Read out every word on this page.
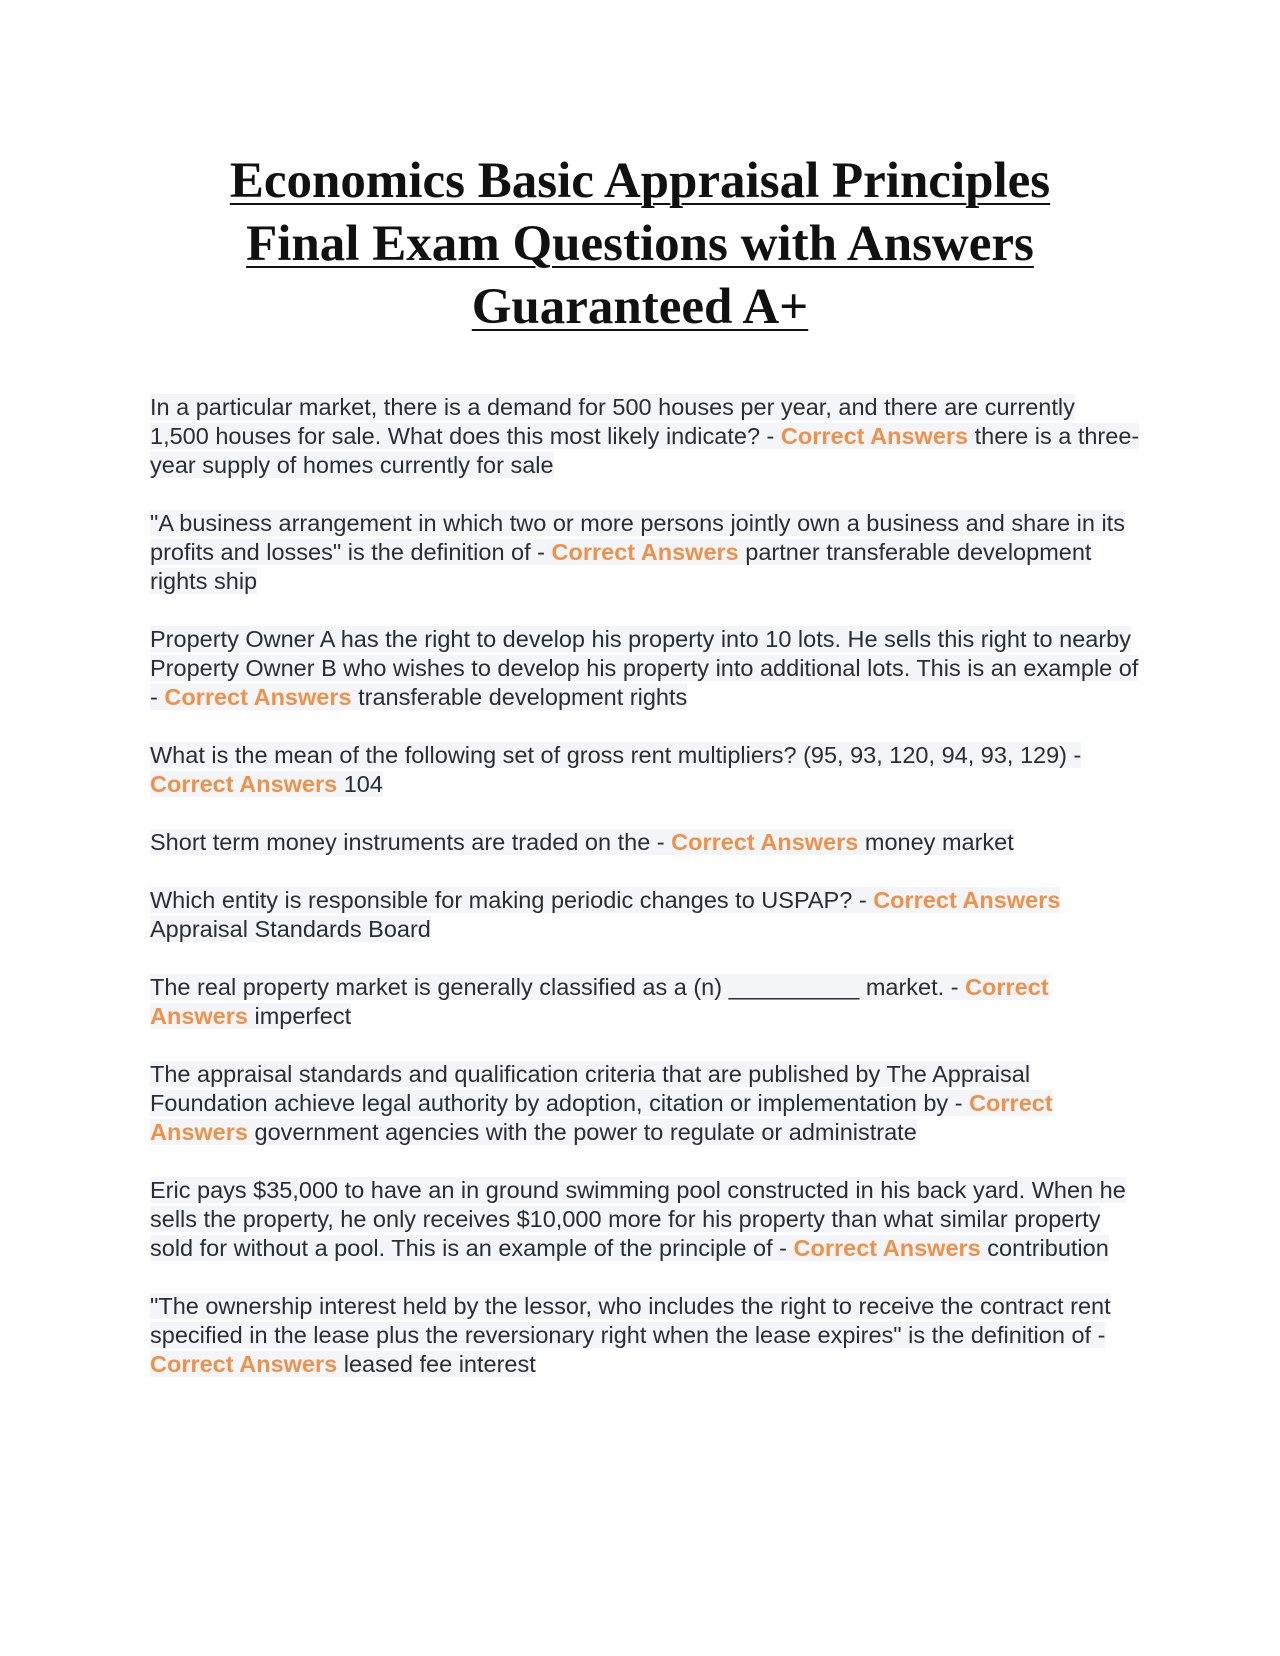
Economics Basic Appraisal Principles
Final Exam Questions with Answers
Guaranteed A+
In a particular market, there is a demand for 500 houses per year, and there are currently 1,500 houses for sale. What does this most likely indicate? - Correct Answers there is a three-year supply of homes currently for sale
"A business arrangement in which two or more persons jointly own a business and share in its profits and losses" is the definition of - Correct Answers partner transferable development rights ship
Property Owner A has the right to develop his property into 10 lots. He sells this right to nearby Property Owner B who wishes to develop his property into additional lots. This is an example of - Correct Answers transferable development rights
What is the mean of the following set of gross rent multipliers? (95, 93, 120, 94, 93, 129) - Correct Answers 104
Short term money instruments are traded on the - Correct Answers money market
Which entity is responsible for making periodic changes to USPAP? - Correct Answers Appraisal Standards Board
The real property market is generally classified as a (n) __________ market. - Correct Answers imperfect
The appraisal standards and qualification criteria that are published by The Appraisal Foundation achieve legal authority by adoption, citation or implementation by - Correct Answers government agencies with the power to regulate or administrate
Eric pays $35,000 to have an in ground swimming pool constructed in his back yard. When he sells the property, he only receives $10,000 more for his property than what similar property sold for without a pool. This is an example of the principle of - Correct Answers contribution
"The ownership interest held by the lessor, who includes the right to receive the contract rent specified in the lease plus the reversionary right when the lease expires" is the definition of - Correct Answers leased fee interest
